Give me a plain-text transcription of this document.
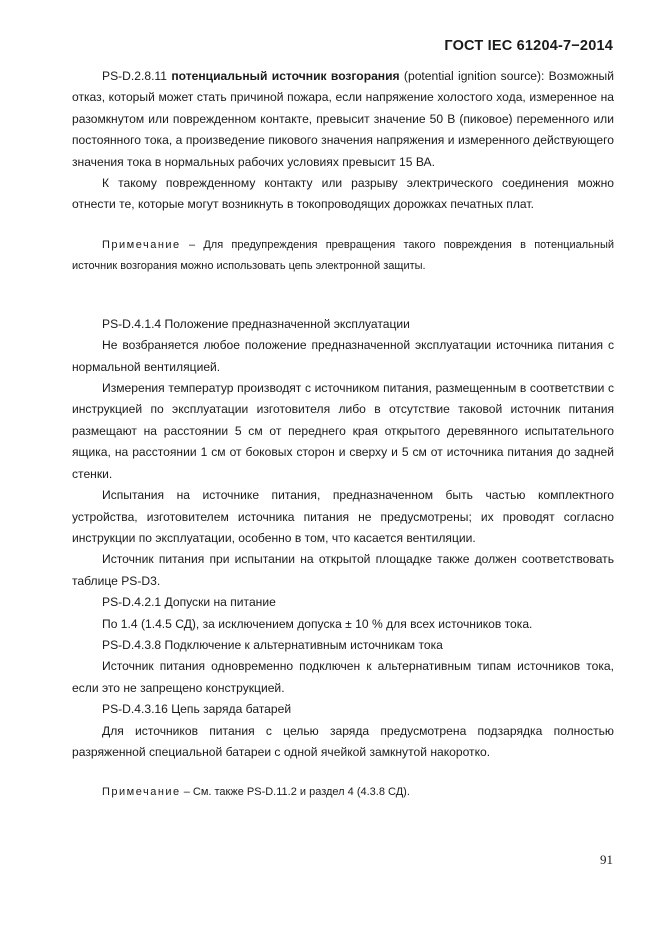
ГОСТ IEC 61204-7−2014

PS-D.2.8.11 потенциальный источник возгорания (potential ignition source): Возможный отказ, который может стать причиной пожара, если напряжение холостого хода, измеренное на разомкнутом или поврежденном контакте, превысит значение 50 В (пиковое) переменного или постоянного тока, а произведение пикового значения напряжения и измеренного действующего значения тока в нормальных рабочих условиях превысит 15 ВА.

К такому поврежденному контакту или разрыву электрического соединения можно отнести те, которые могут возникнуть в токопроводящих дорожках печатных плат.

Примечание – Для предупреждения превращения такого повреждения в потенциальный источник возгорания можно использовать цепь электронной защиты.

PS-D.4.1.4 Положение предназначенной эксплуатации

Не возбраняется любое положение предназначенной эксплуатации источника питания с нормальной вентиляцией.

Измерения температур производят с источником питания, размещенным в соответствии с инструкцией по эксплуатации изготовителя либо в отсутствие таковой источник питания размещают на расстоянии 5 см от переднего края открытого деревянного испытательного ящика, на расстоянии 1 см от боковых сторон и сверху и 5 см от источника питания до задней стенки.

Испытания на источнике питания, предназначенном быть частью комплектного устройства, изготовителем источника питания не предусмотрены; их проводят согласно инструкции по эксплуатации, особенно в том, что касается вентиляции.

Источник питания при испытании на открытой площадке также должен соответствовать таблице PS-D3.

PS-D.4.2.1 Допуски на питание

По 1.4 (1.4.5 СД), за исключением допуска ± 10 % для всех источников тока.

PS-D.4.3.8 Подключение к альтернативным источникам тока

Источник питания одновременно подключен к альтернативным типам источников тока, если это не запрещено конструкцией.

PS-D.4.3.16 Цепь заряда батарей

Для источников питания с целью заряда предусмотрена подзарядка полностью разряженной специальной батареи с одной ячейкой замкнутой накоротко.

Примечание – См. также PS-D.11.2 и раздел 4 (4.3.8 СД).

91
